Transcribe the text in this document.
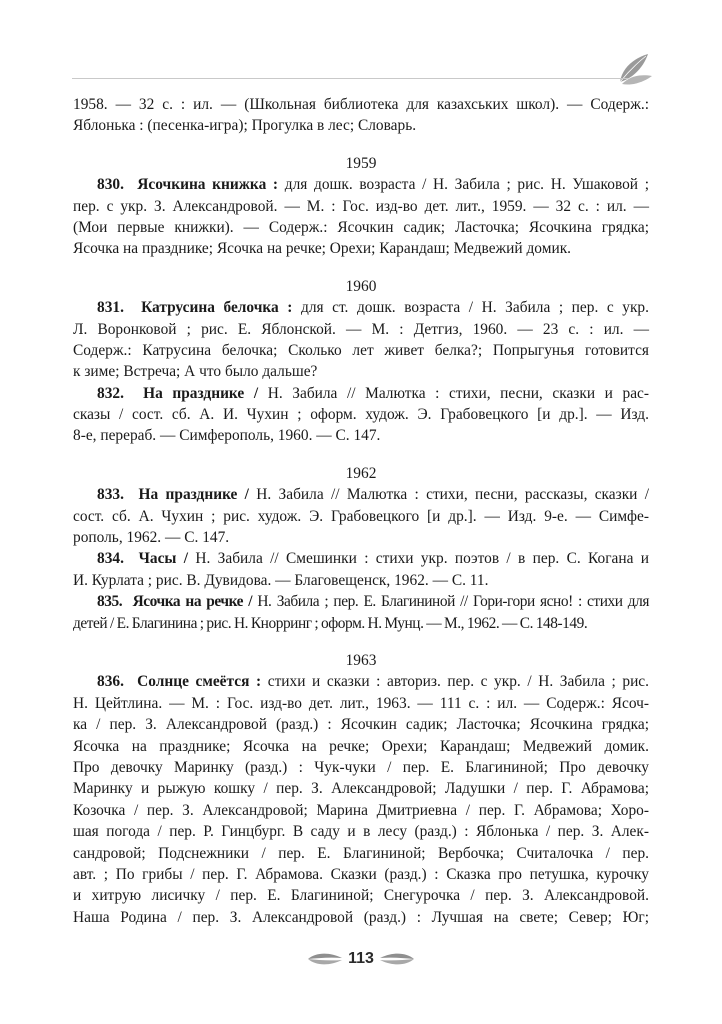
1958. — 32 с. : ил. — (Школьная библиотека для казахських школ). — Содерж.:
Яблонька : (песенка-игра); Прогулка в лес; Словарь.
1959
830. Ясочкина книжка : для дошк. возраста / Н. Забила ; рис. Н. Ушаковой ;
пер. с укр. З. Александровой. — М. : Гос. изд-во дет. лит., 1959. — 32 с. : ил. —
(Мои первые книжки). — Содерж.: Ясочкин садик; Ласточка; Ясочкина грядка;
Ясочка на празднике; Ясочка на речке; Орехи; Карандаш; Медвежий домик.
1960
831. Катрусина белочка : для ст. дошк. возраста / Н. Забила ; пер. с укр.
Л. Воронковой ; рис. Е. Яблонской. — М. : Детгиз, 1960. — 23 с. : ил. —
Содерж.: Катрусина белочка; Сколько лет живет белка?; Попрыгунья готовится
к зиме; Встреча; А что было дальше?
832. На празднике / Н. Забила // Малютка : стихи, песни, сказки и рас-
сказы / сост. сб. А. И. Чухин ; оформ. худож. Э. Грабовецкого [и др.]. — Изд.
8-е, перераб. — Симферополь, 1960. — С. 147.
1962
833. На празднике / Н. Забила // Малютка : стихи, песни, рассказы, сказки /
сост. сб. А. Чухин ; рис. худож. Э. Грабовецкого [и др.]. — Изд. 9-е. — Симфе-
рополь, 1962. — С. 147.
834. Часы / Н. Забила // Смешинки : стихи укр. поэтов / в пер. С. Когана и
И. Курлата ; рис. В. Дувидова. — Благовещенск, 1962. — С. 11.
835. Ясочка на речке / Н. Забила ; пер. Е. Благининой // Гори-гори ясно! : стихи для
детей / Е. Благинина ; рис. Н. Кнорринг ; оформ. Н. Мунц. — М., 1962. — С. 148-149.
1963
836. Солнце смеётся : стихи и сказки : авториз. пер. с укр. / Н. Забила ; рис.
Н. Цейтлина. — М. : Гос. изд-во дет. лит., 1963. — 111 с. : ил. — Содерж.: Ясоч-
ка / пер. З. Александровой (разд.) : Ясочкин садик; Ласточка; Ясочкина грядка;
Ясочка на празднике; Ясочка на речке; Орехи; Карандаш; Медвежий домик.
Про девочку Маринку (разд.) : Чук-чуки / пер. Е. Благининой; Про девочку
Маринку и рыжую кошку / пер. З. Александровой; Ладушки / пер. Г. Абрамова;
Козочка / пер. З. Александровой; Марина Дмитриевна / пер. Г. Абрамова; Хоро-
шая погода / пер. Р. Гинцбург. В саду и в лесу (разд.) : Яблонька / пер. З. Алек-
сандровой; Подснежники / пер. Е. Благининой; Вербочка; Считалочка / пер.
авт. ; По грибы / пер. Г. Абрамова. Сказки (разд.) : Сказка про петушка, курочку
и хитрую лисичку / пер. Е. Благининой; Снегурочка / пер. З. Александровой.
Наша Родина / пер. З. Александровой (разд.) : Лучшая на свете; Север; Юг;
113
